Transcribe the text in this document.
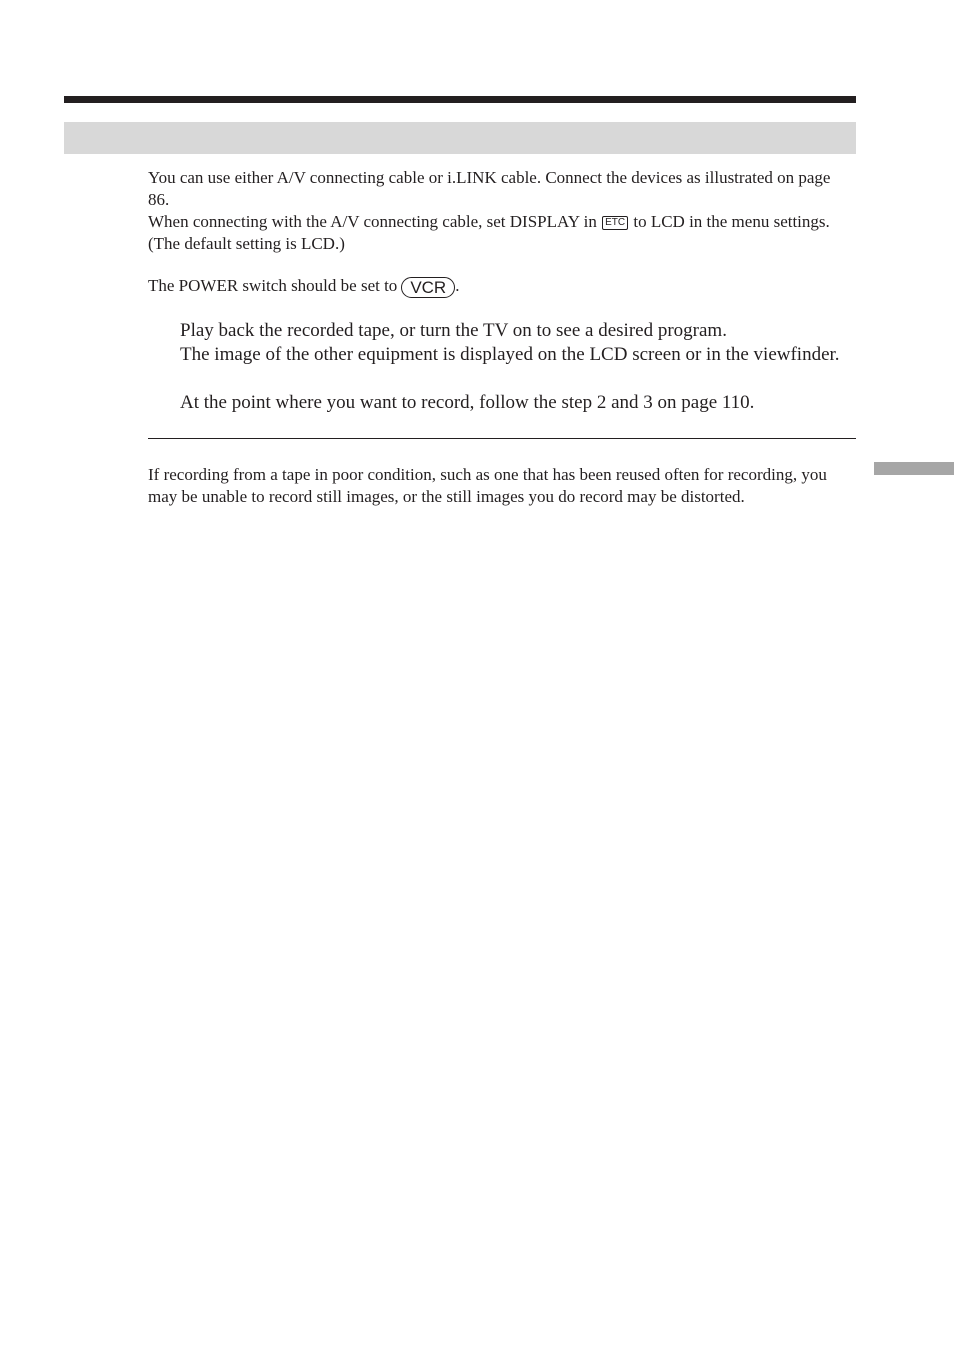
You can use either A/V connecting cable or i.LINK cable. Connect the devices as illustrated on page 86.

When connecting with the A/V connecting cable, set DISPLAY in ETC to LCD in the menu settings. (The default setting is LCD.)

The POWER switch should be set to VCR .

Play back the recorded tape, or turn the TV on to see a desired program.

The image of the other equipment is displayed on the LCD screen or in the viewfinder.

At the point where you want to record, follow the step 2 and 3 on page 110.

If recording from a tape in poor condition, such as one that has been reused often for recording, you may be unable to record still images, or the still images you do record may be distorted.
